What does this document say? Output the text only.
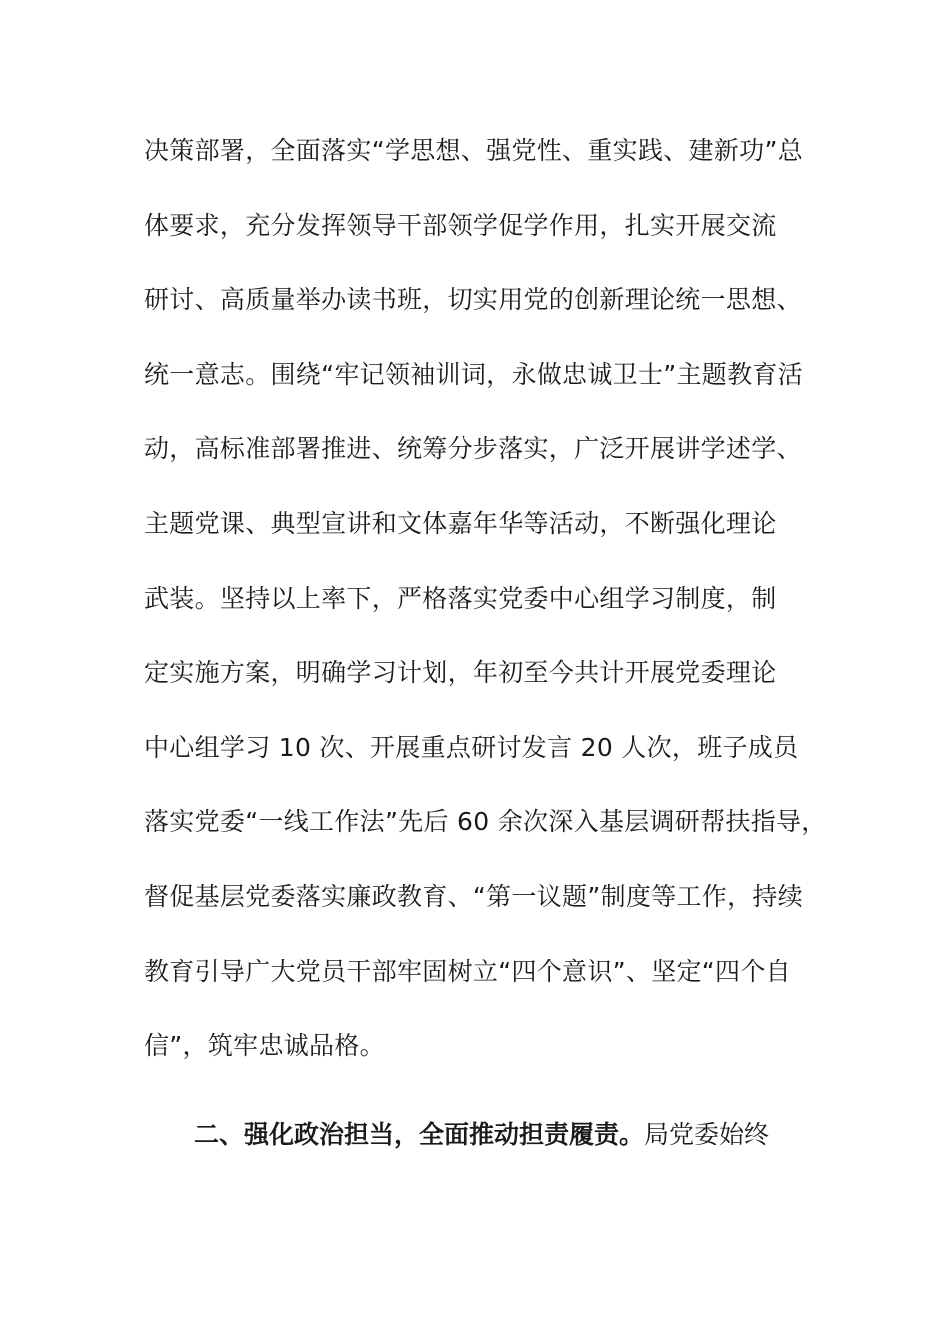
决策部署，全面落实“学思想、强党性、重实践、建新功”总
体要求，充分发挥领导干部领学促学作用，扎实开展交流
研讨、高质量举办读书班，切实用党的创新理论统一思想、
统一意志。围绕“牢记领袖训词，永做忠诚卫士”主题教育活
动，高标准部署推进、统筹分步落实，广泛开展讲学述学、
主题党课、典型宣讲和文体嘉年华等活动，不断强化理论
武装。坚持以上率下，严格落实党委中心组学习制度，制
定实施方案，明确学习计划，年初至今共计开展党委理论
中心组学习 10 次、开展重点研讨发言 20 人次，班子成员
落实党委“一线工作法”先后 60 余次深入基层调研帮扶指导，
督促基层党委落实廉政教育、“第一议题”制度等工作，持续
教育引导广大党员干部牢固树立“四个意识”、坚定“四个自
信”，筑牢忠诚品格。
二、强化政治担当，全面推动担责履责。局党委始终
